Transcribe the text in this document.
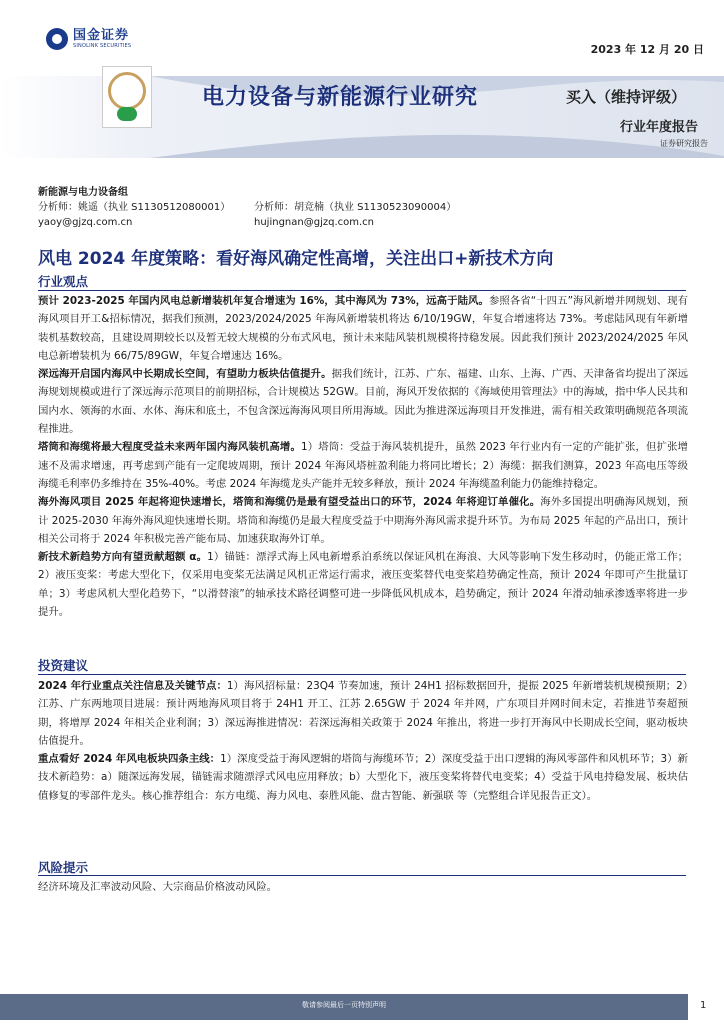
国金证券
SINOLINK SECURITIES	2023 年 12 月 20 日
电力设备与新能源行业研究	买入（维持评级）
行业年度报告
证券研究报告
新能源与电力设备组
分析师：姚遥（执业 S1130512080001）	分析师：胡竞楠（执业 S1130523090004）
yaoy@gjzq.com.cn	hujingnan@gjzq.com.cn
风电 2024 年度策略：看好海风确定性高增，关注出口+新技术方向
行业观点

预计 2023-2025 年国内风电总新增装机年复合增速为 16%，其中海风为 73%，远高于陆风。参照各省“十四五”海风新增并网规划、现有海风项目开工&招标情况，据我们预测，2023/2024/2025 年海风新增装机将达 6/10/19GW，年复合增速将达 73%。考虑陆风现有年新增装机基数较高，且建设周期较长以及暂无较大规模的分布式风电，预计未来陆风装机规模将持稳发展。因此我们预计 2023/2024/2025 年风电总新增装机为 66/75/89GW，年复合增速达 16%。

深远海开启国内海风中长期成长空间，有望助力板块估值提升。据我们统计，江苏、广东、福建、山东、上海、广西、天津备省均提出了深远海规划规模或进行了深远海示范项目的前期招标，合计规模达 52GW。目前，海风开发依据的《海域使用管理法》中的海域，指中华人民共和国内水、领海的水面、水体、海床和底土，不包含深远海海风项目所用海域。因此为推进深远海项目开发推进，需有相关政策明确规范各项流程推进。

塔筒和海缆将最大程度受益未来两年国内海风装机高增。1）塔筒：受益于海风装机提升，虽然 2023 年行业内有一定的产能扩张，但扩张增速不及需求增速，再考虑到产能有一定爬坡周期，预计 2024 年海风塔桩盈利能力将同比增长；2）海缆：据我们测算，2023 年高电压等级海缆毛利率仍多维持在 35%-40%。考虑 2024 年海缆龙头产能并无较多释放，预计 2024 年海缆盈利能力仍能维持稳定。

海外海风项目 2025 年起将迎快速增长，塔筒和海缆仍是最有望受益出口的环节，2024 年将迎订单催化。海外多国提出明确海风规划，预计 2025-2030 年海外海风迎快速增长期。塔筒和海缆仍是最大程度受益于中期海外海风需求提升环节。为布局 2025 年起的产品出口，预计相关公司将于 2024 年积极完善产能布局、加速获取海外订单。

新技术新趋势方向有望贡献超额 α。1）锚链：漂浮式海上风电新增系泊系统以保证风机在海浪、大风等影响下发生移动时，仍能正常工作；2）液压变桨：考虑大型化下，仅采用电变桨无法满足风机正常运行需求，液压变桨替代电变桨趋势确定性高，预计 2024 年即可产生批量订单；3）考虑风机大型化趋势下，“以滑替滚”的轴承技术路径调整可进一步降低风机成本，趋势确定，预计 2024 年滑动轴承渗透率将进一步提升。

投资建议

2024 年行业重点关注信息及关键节点：1）海风招标量：23Q4 节奏加速，预计 24H1 招标数据回升，提振 2025 年新增装机规模预期；2）江苏、广东两地项目进展：预计两地海风项目将于 24H1 开工、江苏 2.65GW 于 2024 年并网，广东项目并网时间未定，若推进节奏超预期，将增厚 2024 年相关企业利润；3）深远海推进情况：若深远海相关政策于 2024 年推出，将进一步打开海风中长期成长空间，驱动板块估值提升。

重点看好 2024 年风电板块四条主线：1）深度受益于海风逻辑的塔筒与海缆环节；2）深度受益于出口逻辑的海风零部件和风机环节；3）新技术新趋势：a）随深远海发展，锚链需求随漂浮式风电应用释放；b）大型化下，液压变桨将替代电变桨；4）受益于风电持稳发展、板块估值修复的零部件龙头。核心推荐组合：东方电缆、海力风电、泰胜风能、盘古智能、新强联 等（完整组合详见报告正文）。

风险提示

经济环境及汇率波动风险、大宗商品价格波动风险。

敬请参阅最后一页特别声明	1
